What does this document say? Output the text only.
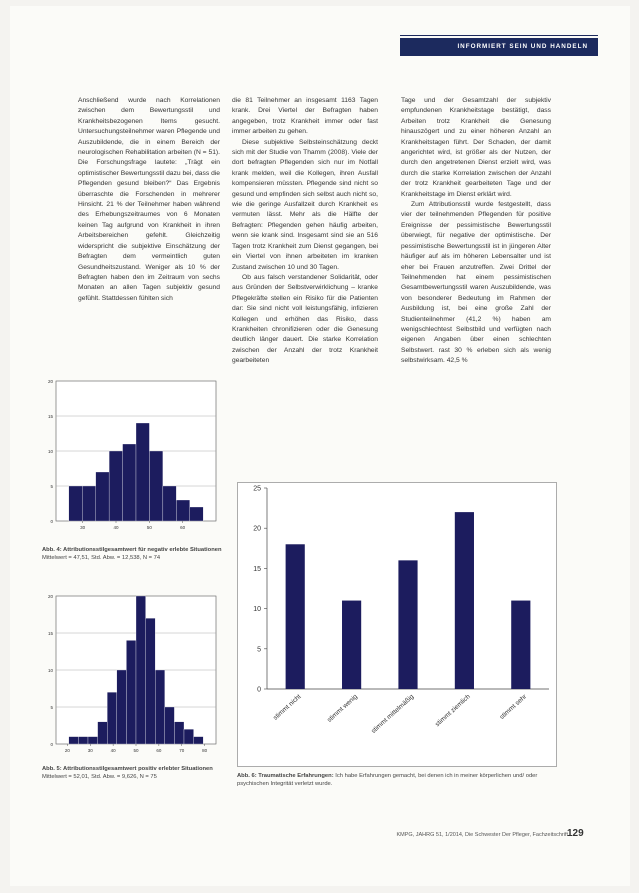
INFORMIERT SEIN UND HANDELN

Anschließend wurde nach Korrelationen zwischen dem Bewertungsstil und Krankheitsbezogenen Items gesucht. Untersuchungsteilnehmer waren Pflegende und Auszubildende, die in einem Bereich der neurologischen Rehabilitation arbeiten (N = 51). Die Forschungsfrage lautete: „Trägt ein optimistischer Bewertungsstil dazu bei, dass die Pflegenden gesund bleiben?“ Das Ergebnis überraschte die Forschenden in mehrerer Hinsicht. 21 % der Teilnehmer haben während des Erhebungszeitraumes von 6 Monaten keinen Tag aufgrund von Krankheit in ihren Arbeitsbereichen gefehlt. Gleichzeitig widerspricht die subjektive Einschätzung der Befragten dem vermeintlich guten Gesundheitszustand. Weniger als 10 % der Befragten haben den im Zeitraum von sechs Monaten an allen Tagen subjektiv gesund gefühlt. Stattdessen fühlten sich

die 81 Teilnehmer an insgesamt 1163 Tagen krank. Drei Viertel der Befragten haben angegeben, trotz Krankheit immer oder fast immer arbeiten zu gehen.

Diese subjektive Selbsteinschätzung deckt sich mit der Studie von Thamm (2008). Viele der dort befragten Pflegenden sich nur im Notfall krank melden, weil die Kollegen, ihren Ausfall kompensieren müssten. Pflegende sind nicht so gesund und empfinden sich selbst auch nicht so, wie die geringe Ausfallzeit durch Krankheit es vermuten lässt. Mehr als die Hälfte der Befragten: Pflegenden gehen häufig arbeiten, wenn sie krank sind. Insgesamt sind sie an 516 Tagen trotz Krankheit zum Dienst gegangen, bei ein Viertel von ihnen arbeiteten im kranken Zustand zwischen 10 und 30 Tagen.

Ob aus falsch verstandener Solidarität, oder aus Gründen der Selbstverwirklichung – kranke Pflegekräfte stellen ein Risiko für die Patienten dar: Sie sind nicht voll leistungsfähig, infizieren Kollegen und erhöhen das Risiko, dass Krankheiten chronifizieren oder die Genesung deutlich länger dauert. Die starke Korrelation zwischen der Anzahl der trotz Krankheit gearbeiteten

Tage und der Gesamtzahl der subjektiv empfundenen Krankheitstage bestätigt, dass Arbeiten trotz Krankheit die Genesung hinauszögert und zu einer höheren Anzahl an Krankheitstagen führt. Der Schaden, der damit angerichtet wird, ist größer als der Nutzen, der durch den angetretenen Dienst erzielt wird, was durch die starke Korrelation zwischen der Anzahl der trotz Krankheit gearbeiteten Tage und der Krankheitstage im Dienst erklärt wird.

Zum Attributionsstil wurde festgestellt, dass vier der teilnehmenden Pflegenden für positive Ereignisse der pessimistische Bewertungsstil überwiegt, für negative der optimistische. Der pessimistische Bewertungsstil ist in jüngeren Alter häufiger auf als im höheren Lebensalter und ist eher bei Frauen anzutreffen. Zwei Drittel der Teilnehmenden hat einem pessimistischen Gesamtbewertungsstil waren Auszubildende, was von besonderer Bedeutung im Rahmen der Ausbildung ist, bei eine große Zahl der Studienteilnehmer (41,2 %) haben am wenigschlechtest Selbstbild und verfügten nach eigenen Angaben über einen schlechten Selbstwert. rast 30 % erleben sich als wenig selbstwirksam. 42,5 %

0
5
10
15
20
30	40	50	60
Abb. 4: Attributionsstilgesamtwert für negativ erlebte Situationen
Mittelwert = 47,51, Std. Abw. = 12,538, N = 74
0
5
10
15
20
20	30	40	50	60	70	80
Abb. 5: Attributionsstilgesamtwert positiv erlebter Situationen
Mittelwert = 52,01, Std. Abw. = 9,626, N = 75
0
5
10
15
20
25
stimmt nicht	stimmt wenig stimmt mittelmäßig	stimmt ziemlich	stimmt sehr
Abb. 6: Traumatische Erfahrungen: Ich habe Erfahrungen gemacht, bei denen ich in meiner körperlichen und/ oder psychischen Integrität verletzt wurde.
KMPG, JAHRG 51, 1/2014, Die Schwester Der Pfleger, Fachzeitschrift 129
